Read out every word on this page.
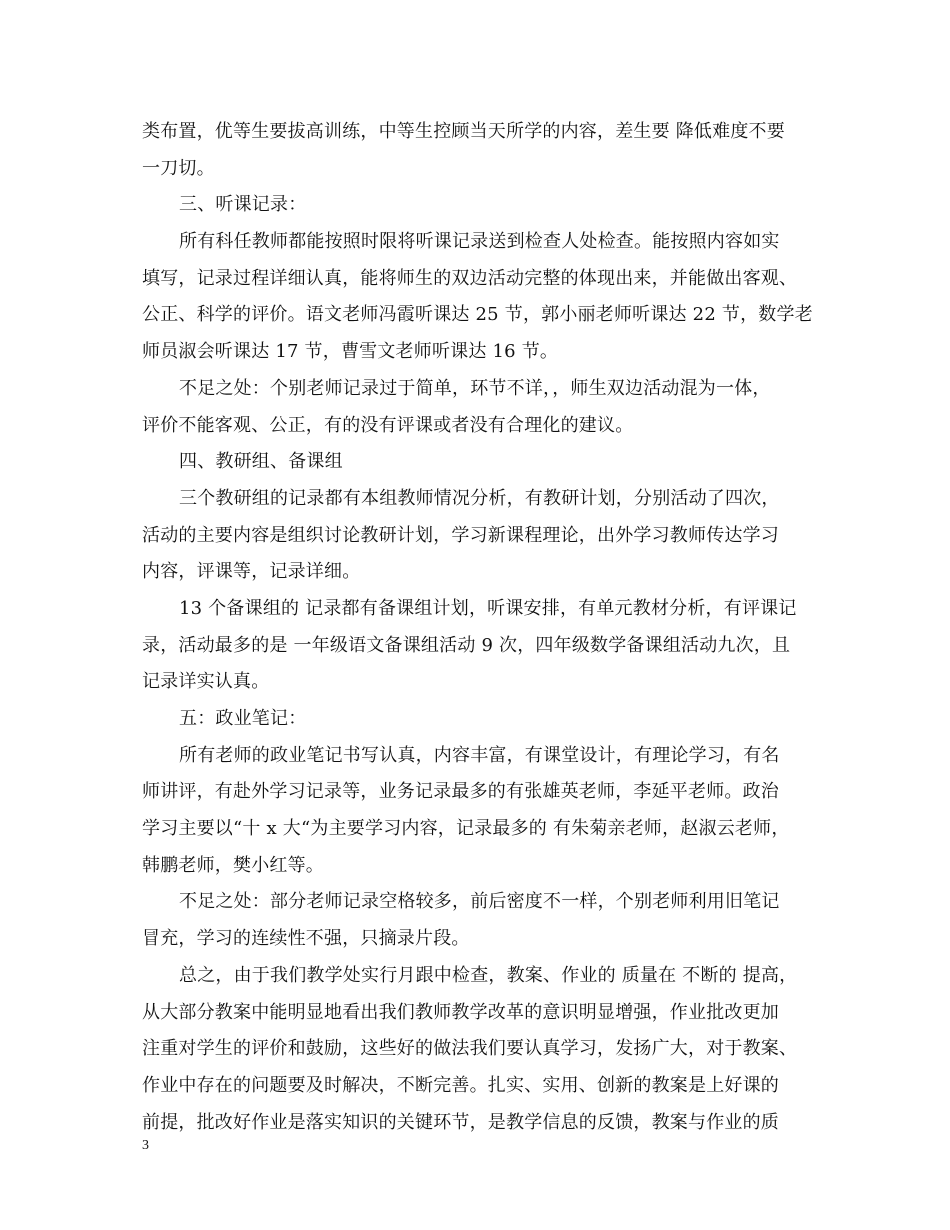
类布置，优等生要拔高训练，中等生控顾当天所学的内容，差生要 降低难度不要
一刀切。
三、听课记录：
所有科任教师都能按照时限将听课记录送到检查人处检查。能按照内容如实
填写，记录过程详细认真，能将师生的双边活动完整的体现出来，并能做出客观、
公正、科学的评价。语文老师冯霞听课达 25 节，郭小丽老师听课达 22 节，数学老
师员淑会听课达 17 节，曹雪文老师听课达 16 节。
不足之处：个别老师记录过于简单，环节不详，，师生双边活动混为一体，
评价不能客观、公正，有的没有评课或者没有合理化的建议。
四、教研组、备课组
三个教研组的记录都有本组教师情况分析，有教研计划，分别活动了四次，
活动的主要内容是组织讨论教研计划，学习新课程理论，出外学习教师传达学习
内容，评课等，记录详细。
13 个备课组的 记录都有备课组计划，听课安排，有单元教材分析，有评课记
录，活动最多的是 一年级语文备课组活动 9 次，四年级数学备课组活动九次，且
记录详实认真。
五：政业笔记：
所有老师的政业笔记书写认真，内容丰富，有课堂设计，有理论学习，有名
师讲评，有赴外学习记录等，业务记录最多的有张雄英老师，李延平老师。政治
学习主要以“十 x 大“为主要学习内容，记录最多的 有朱菊亲老师，赵淑云老师，
韩鹏老师，樊小红等。
不足之处：部分老师记录空格较多，前后密度不一样，个别老师利用旧笔记
冒充，学习的连续性不强，只摘录片段。
总之，由于我们教学处实行月跟中检查，教案、作业的 质量在 不断的 提高，
从大部分教案中能明显地看出我们教师教学改革的意识明显增强，作业批改更加
注重对学生的评价和鼓励，这些好的做法我们要认真学习，发扬广大，对于教案、
作业中存在的问题要及时解决，不断完善。扎实、实用、创新的教案是上好课的
前提，批改好作业是落实知识的关键环节，是教学信息的反馈，教案与作业的质
3
